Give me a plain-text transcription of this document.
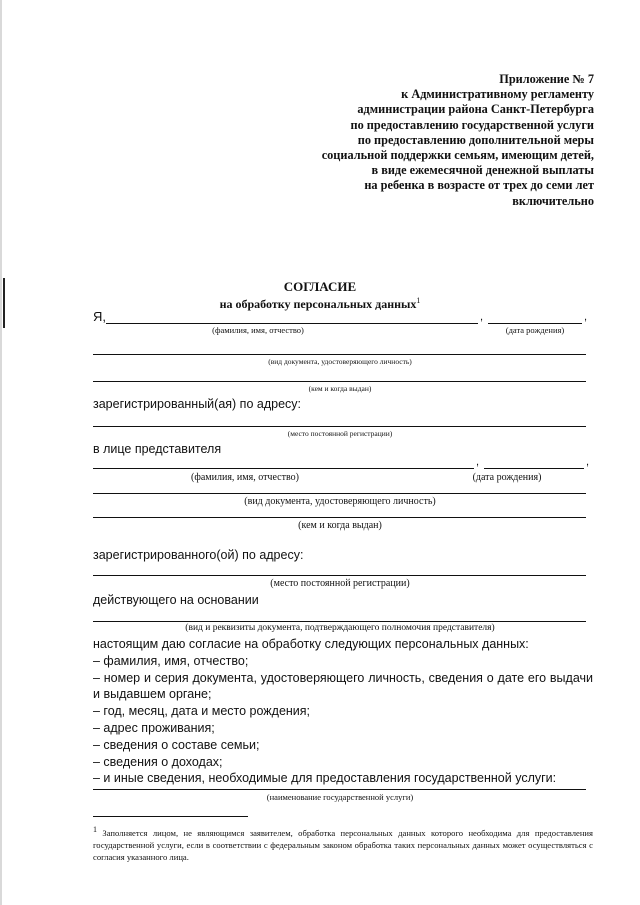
Приложение № 7
к Административному регламенту
администрации района Санкт-Петербурга
по предоставлению государственной услуги
по предоставлению дополнительной меры
социальной поддержки семьям, имеющим детей,
в виде ежемесячной денежной выплаты
на ребенка в возрасте от трех до семи лет
включительно
СОГЛАСИЕ
на обработку персональных данных$^1$
Я,	,	,
(фамилия, имя, отчество)	(дата рождения)
(вид документа, удостоверяющего личность)
(кем и когда выдан)
зарегистрированный(ая) по адресу:
(место постоянной регистрации)
в лице представителя
,	,
(фамилия, имя, отчество)	(дата рождения)
(вид документа, удостоверяющего личность)
(кем и когда выдан)
зарегистрированного(ой) по адресу:
(место постоянной регистрации)
действующего на основании
(вид и реквизиты документа, подтверждающего полномочия представителя)
настоящим даю согласие на обработку следующих персональных данных:
– фамилия, имя, отчество;
– номер и серия документа, удостоверяющего личность, сведения о дате его выдачи и выдавшем органе;
– год, месяц, дата и место рождения;
– адрес проживания;
– сведения о составе семьи;
– сведения о доходах;
– и иные сведения, необходимые для предоставления государственной услуги:
(наименование государственной услуги)
$^1$ Заполняется лицом, не являющимся заявителем, обработка персональных данных которого необходима для предоставления государственной услуги, если в соответствии с федеральным законом обработка таких персональных данных может осуществляться с согласия указанного лица.
